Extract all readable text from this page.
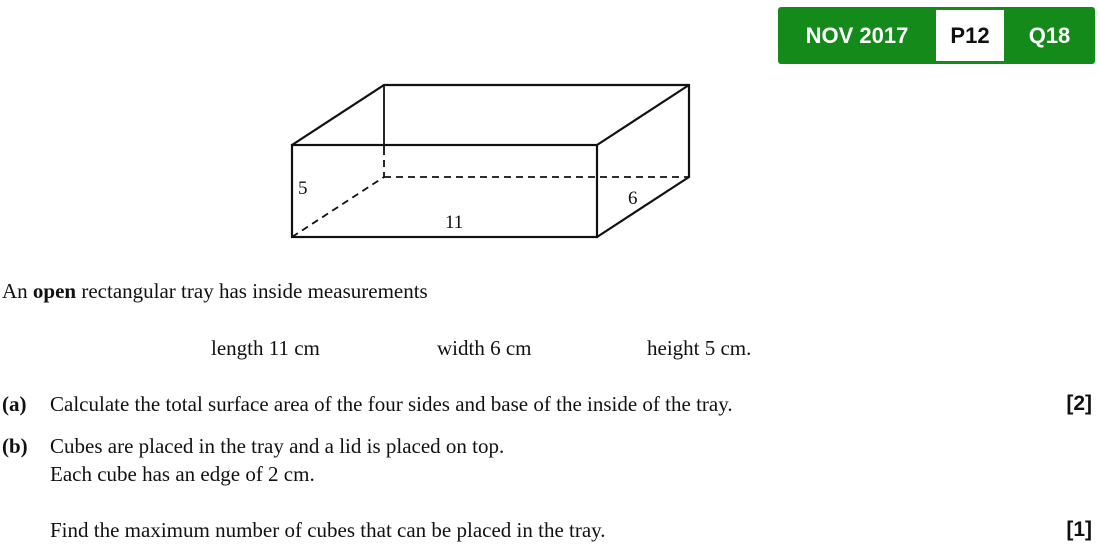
NOV 2017	P12	Q18
5
11
6
An open rectangular tray has inside measurements
length 11 cm	width 6 cm	height 5 cm.
(a) Calculate the total surface area of the four sides and base of the inside of the tray.	[2]
(b) Cubes are placed in the tray and a lid is placed on top.
Each cube has an edge of 2 cm.
Find the maximum number of cubes that can be placed in the tray.	[1]
